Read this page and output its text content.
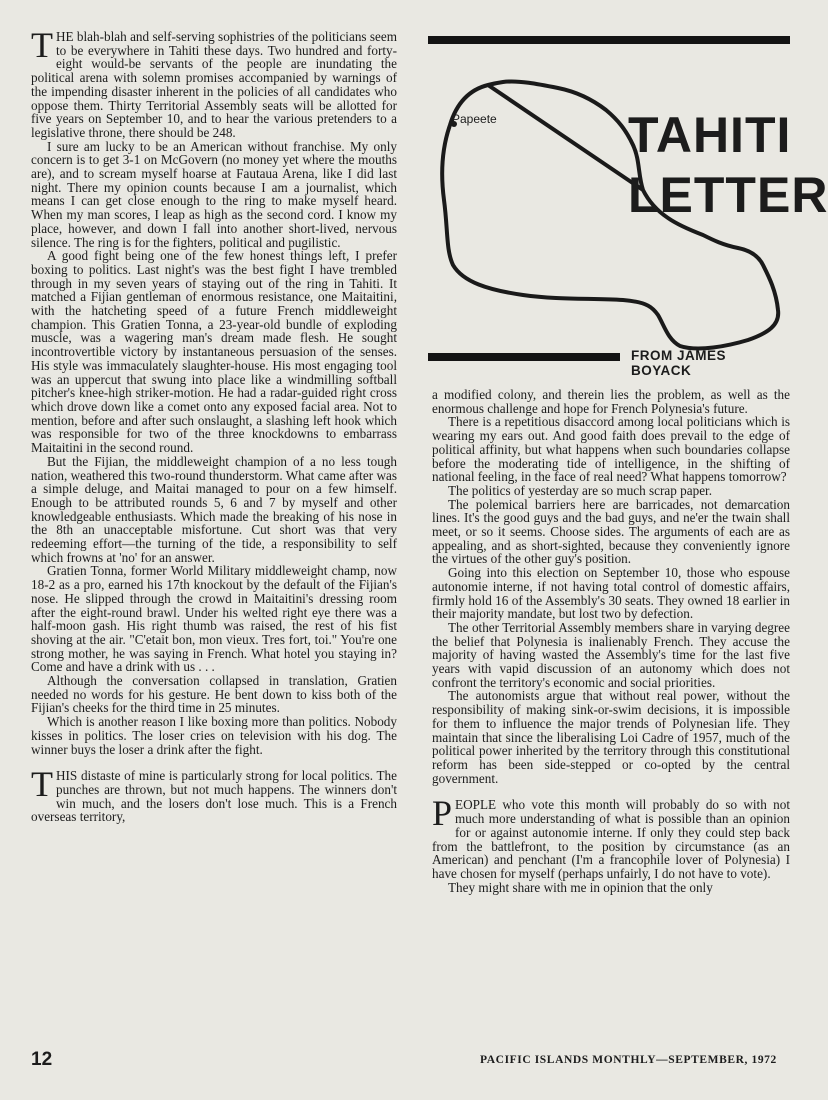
THE blah-blah and self-serving sophistries of the politicians seem to be everywhere in Tahiti these days. Two hundred and forty-eight would-be servants of the people are inundating the political arena with solemn promises accompanied by warnings of the impending disaster inherent in the policies of all candidates who oppose them. Thirty Territorial Assembly seats will be allotted for five years on September 10, and to hear the various pretenders to a legislative throne, there should be 248.

I sure am lucky to be an American without franchise. My only concern is to get 3-1 on McGovern (no money yet where the mouths are), and to scream myself hoarse at Fautaua Arena, like I did last night. There my opinion counts because I am a journalist, which means I can get close enough to the ring to make myself heard. When my man scores, I leap as high as the second cord. I know my place, however, and down I fall into another short-lived, nervous silence. The ring is for the fighters, political and pugilistic.

A good fight being one of the few honest things left, I prefer boxing to politics. Last night's was the best fight I have trembled through in my seven years of staying out of the ring in Tahiti. It matched a Fijian gentleman of enormous resistance, one Maitaitini, with the hatcheting speed of a future French middleweight champion. This Gratien Tonna, a 23-year-old bundle of exploding muscle, was a wagering man's dream made flesh. He sought incontrovertible victory by instantaneous persuasion of the senses. His style was immaculately slaughter-house. His most engaging tool was an uppercut that swung into place like a windmilling softball pitcher's knee-high striker-motion. He had a radar-guided right cross which drove down like a comet onto any exposed facial area. Not to mention, before and after such onslaught, a slashing left hook which was responsible for two of the three knockdowns to embarrass Maitaitini in the second round.

But the Fijian, the middleweight champion of a no less tough nation, weathered this two-round thunderstorm. What came after was a simple deluge, and Maitai managed to pour on a few himself. Enough to be attributed rounds 5, 6 and 7 by myself and other knowledgeable enthusiasts. Which made the breaking of his nose in the 8th an unacceptable misfortune. Cut short was that very redeeming effort—the turning of the tide, a responsibility to self which frowns at 'no' for an answer.

Gratien Tonna, former World Military middleweight champ, now 18-2 as a pro, earned his 17th knockout by the default of the Fijian's nose. He slipped through the crowd in Maitaitini's dressing room after the eight-round brawl. Under his welted right eye there was a half-moon gash. His right thumb was raised, the rest of his fist shoving at the air. "C'etait bon, mon vieux. Tres fort, toi." You're one strong mother, he was saying in French. What hotel you staying in? Come and have a drink with us . . .

Although the conversation collapsed in translation, Gratien needed no words for his gesture. He bent down to kiss both of the Fijian's cheeks for the third time in 25 minutes.

Which is another reason I like boxing more than politics. Nobody kisses in politics. The loser cries on television with his dog. The winner buys the loser a drink after the fight.

THIS distaste of mine is particularly strong for local politics. The punches are thrown, but not much happens. The winners don't win much, and the losers don't lose much. This is a French overseas territory,

Papeete	TAHITI
LETTER
FROM JAMES BOYACK

a modified colony, and therein lies the problem, as well as the enormous challenge and hope for French Polynesia's future.

There is a repetitious disaccord among local politicians which is wearing my ears out. And good faith does prevail to the edge of political affinity, but what happens when such boundaries collapse before the moderating tide of intelligence, in the shifting of national feeling, in the face of real need? What happens tomorrow?

The politics of yesterday are so much scrap paper.

The polemical barriers here are barricades, not demarcation lines. It's the good guys and the bad guys, and ne'er the twain shall meet, or so it seems. Choose sides. The arguments of each are as appealing, and as short-sighted, because they conveniently ignore the virtues of the other guy's position.

Going into this election on September 10, those who espouse autonomie interne, if not having total control of domestic affairs, firmly hold 16 of the Assembly's 30 seats. They owned 18 earlier in their majority mandate, but lost two by defection.

The other Territorial Assembly members share in varying degree the belief that Polynesia is inalienably French. They accuse the majority of having wasted the Assembly's time for the last five years with vapid discussion of an autonomy which does not confront the territory's economic and social priorities.

The autonomists argue that without real power, without the responsibility of making sink-or-swim decisions, it is impossible for them to influence the major trends of Polynesian life. They maintain that since the liberalising Loi Cadre of 1957, much of the political power inherited by the territory through this constitutional reform has been side-stepped or co-opted by the central government.

PEOPLE who vote this month will probably do so with not much more understanding of what is possible than an opinion for or against autonomie interne. If only they could step back from the battlefront, to the position by circumstance (as an American) and penchant (I'm a francophile lover of Polynesia) I have chosen for myself (perhaps unfairly, I do not have to vote).

They might share with me in opinion that the only

12	PACIFIC ISLANDS MONTHLY—SEPTEMBER, 1972
